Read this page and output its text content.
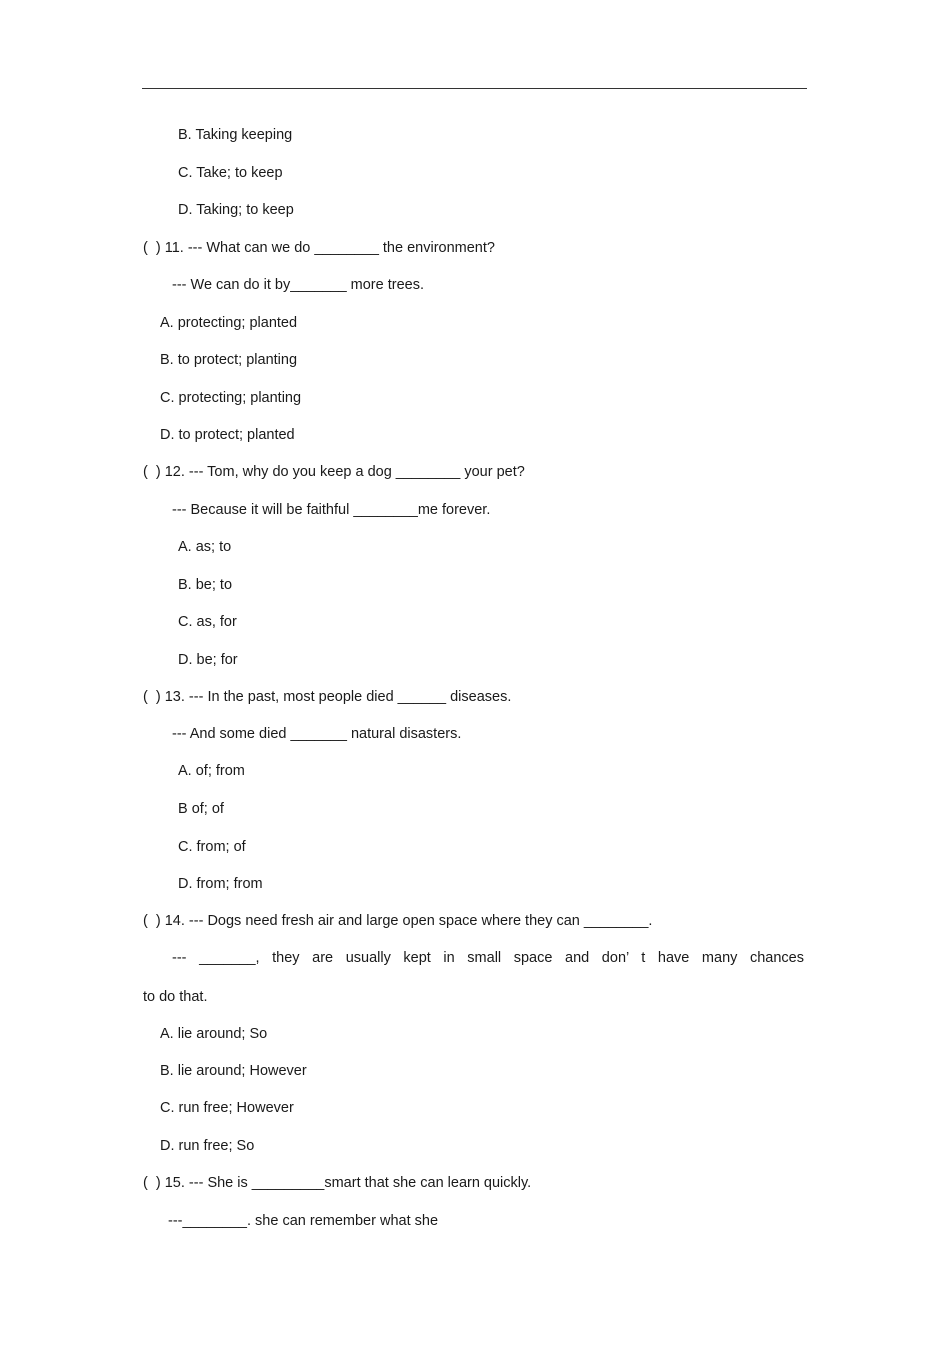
B. Taking keeping
C. Take; to keep
D. Taking; to keep
(  ) 11. --- What can we do ________ the environment?
--- We can do it by_______ more trees.
A. protecting; planted
B. to protect; planting
C. protecting; planting
D. to protect; planted
(  ) 12. --- Tom, why do you keep a dog ________ your pet?
--- Because it will be faithful ________me forever.
A. as; to
B. be; to
C. as, for
D. be; for
(  ) 13. --- In the past, most people died ______ diseases.
--- And some died _______ natural disasters.
A. of; from
B of; of
C. from; of
D. from; from
(  ) 14. --- Dogs need fresh air and large open space where they can ________.
--- _______, they are usually kept in small space and don’ t have many chances
to do that.
A. lie around; So
B. lie around; However
C. run free; However
D. run free; So
(  ) 15. --- She is _________smart that she can learn quickly.
---________. she can remember what she
